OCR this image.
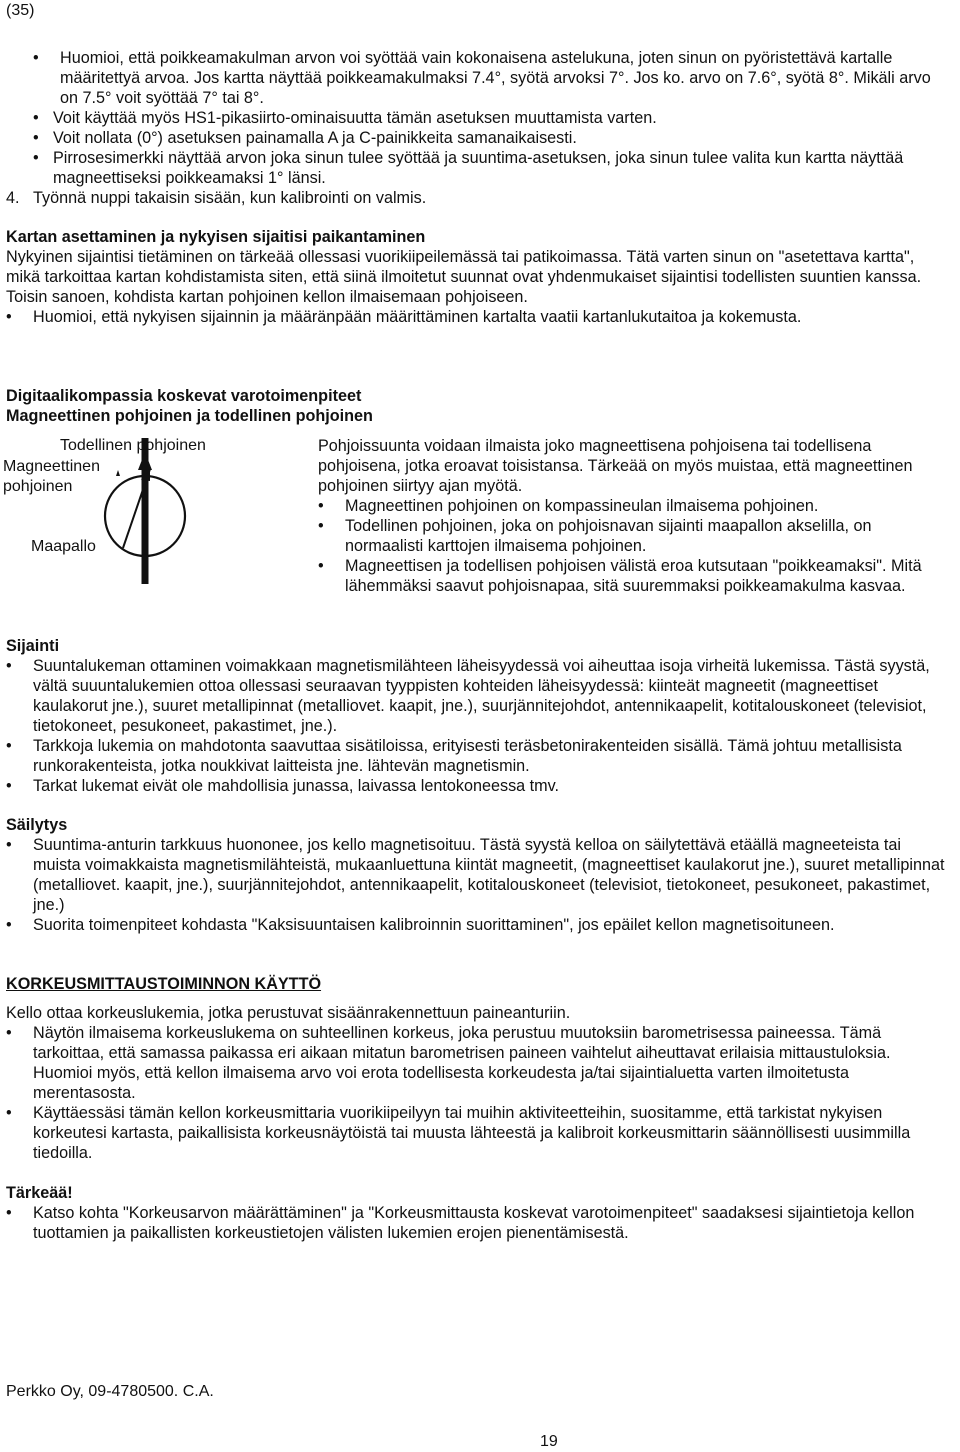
(35)
• Huomioi, että poikkeamakulman arvon voi syöttää vain kokonaisena astelukuna, joten sinun on pyöristettävä kartalle määritettyä arvoa. Jos kartta näyttää poikkeamakulmaksi 7.4°, syötä arvoksi 7°. Jos ko. arvo on 7.6°, syötä 8°. Mikäli arvo on 7.5° voit syöttää 7° tai 8°.
• Voit käyttää myös HS1-pikasiirto-ominaisuutta tämän asetuksen muuttamista varten.
• Voit nollata (0°) asetuksen painamalla A ja C-painikkeita samanaikaisesti.
• Pirrosesimerkki näyttää arvon joka sinun tulee syöttää ja suuntima-asetuksen, joka sinun tulee valita kun kartta näyttää magneettiseksi poikkeamaksi 1° länsi.
4. Työnnä nuppi takaisin sisään, kun kalibrointi on valmis.

Kartan asettaminen ja nykyisen sijaitisi paikantaminen

Nykyinen sijaintisi tietäminen on tärkeää ollessasi vuorikiipeilemässä tai patikoimassa. Tätä varten sinun on "asetettava kartta", mikä tarkoittaa kartan kohdistamista siten, että siinä ilmoitetut suunnat ovat yhdenmukaiset sijaintisi todellisten suuntien kanssa. Toisin sanoen, kohdista kartan pohjoinen kellon ilmaisemaan pohjoiseen.

• Huomioi, että nykyisen sijainnin ja määränpään määrittäminen kartalta vaatii kartanlukutaitoa ja kokemusta.

Digitaalikompassia koskevat varotoimenpiteet

Magneettinen pohjoinen ja todellinen pohjoinen

Todellinen pohjoinen
Magneettinen
pohjoinen
Maapallo

Pohjoissuunta voidaan ilmaista joko magneettisena pohjoisena tai todellisena pohjoisena, jotka eroavat toisistansa. Tärkeää on myös muistaa, että magneettinen pohjoinen siirtyy ajan myötä.

• Magneettinen pohjoinen on kompassineulan ilmaisema pohjoinen.
• Todellinen pohjoinen, joka on pohjoisnavan sijainti maapallon akselilla, on normaalisti karttojen ilmaisema pohjoinen.
• Magneettisen ja todellisen pohjoisen välistä eroa kutsutaan "poikkeamaksi". Mitä lähemmäksi saavut pohjoisnapaa, sitä suuremmaksi poikkeamakulma kasvaa.

Sijainti

• Suuntalukeman ottaminen voimakkaan magnetismilähteen läheisyydessä voi aiheuttaa isoja virheitä lukemissa. Tästä syystä, vältä suuuntalukemien ottoa ollessasi seuraavan tyyppisten kohteiden läheisyydessä: kiinteät magneetit (magneettiset kaulakorut jne.), suuret metallipinnat (metalliovet. kaapit, jne.), suurjännitejohdot, antennikaapelit, kotitalouskoneet (televisiot, tietokoneet, pesukoneet, pakastimet, jne.).
• Tarkkoja lukemia on mahdotonta saavuttaa sisätiloissa, erityisesti teräsbetonirakenteiden sisällä. Tämä johtuu metallisista runkorakenteista, jotka noukkivat laitteista jne. lähtevän magnetismin.
• Tarkat lukemat eivät ole mahdollisia junassa, laivassa lentokoneessa tmv.

Säilytys

• Suuntima-anturin tarkkuus huononee, jos kello magnetisoituu. Tästä syystä kelloa on säilytettävä etäällä magneeteista tai muista voimakkaista magnetismilähteistä, mukaanluettuna kiintät magneetit, (magneettiset kaulakorut jne.), suuret metallipinnat (metalliovet. kaapit, jne.), suurjännitejohdot, antennikaapelit, kotitalouskoneet (televisiot, tietokoneet, pesukoneet, pakastimet, jne.)
• Suorita toimenpiteet kohdasta "Kaksisuuntaisen kalibroinnin suorittaminen", jos epäilet kellon magnetisoituneen.

KORKEUSMITTAUSTOIMINNON KÄYTTÖ

Kello ottaa korkeuslukemia, jotka perustuvat sisäänrakennettuun paineanturiin.

• Näytön ilmaisema korkeuslukema on suhteellinen korkeus, joka perustuu muutoksiin barometrisessa paineessa. Tämä tarkoittaa, että samassa paikassa eri aikaan mitatun barometrisen paineen vaihtelut aiheuttavat erilaisia mittaustuloksia. Huomioi myös, että kellon ilmaisema arvo voi erota todellisesta korkeudesta ja/tai sijaintialuetta varten ilmoitetusta merentasosta.
• Käyttäessäsi tämän kellon korkeusmittaria vuorikiipeilyyn tai muihin aktiviteetteihin, suositamme, että tarkistat nykyisen korkeutesi kartasta, paikallisista korkeusnäytöistä tai muusta lähteestä ja kalibroit korkeusmittarin säännöllisesti uusimmilla tiedoilla.

Tärkeää!

• Katso kohta "Korkeusarvon määrättäminen" ja "Korkeusmittausta koskevat varotoimenpiteet" saadaksesi sijaintietoja kellon tuottamien ja paikallisten korkeustietojen välisten lukemien erojen pienentämisestä.
Perkko Oy, 09-4780500. C.A.
19
